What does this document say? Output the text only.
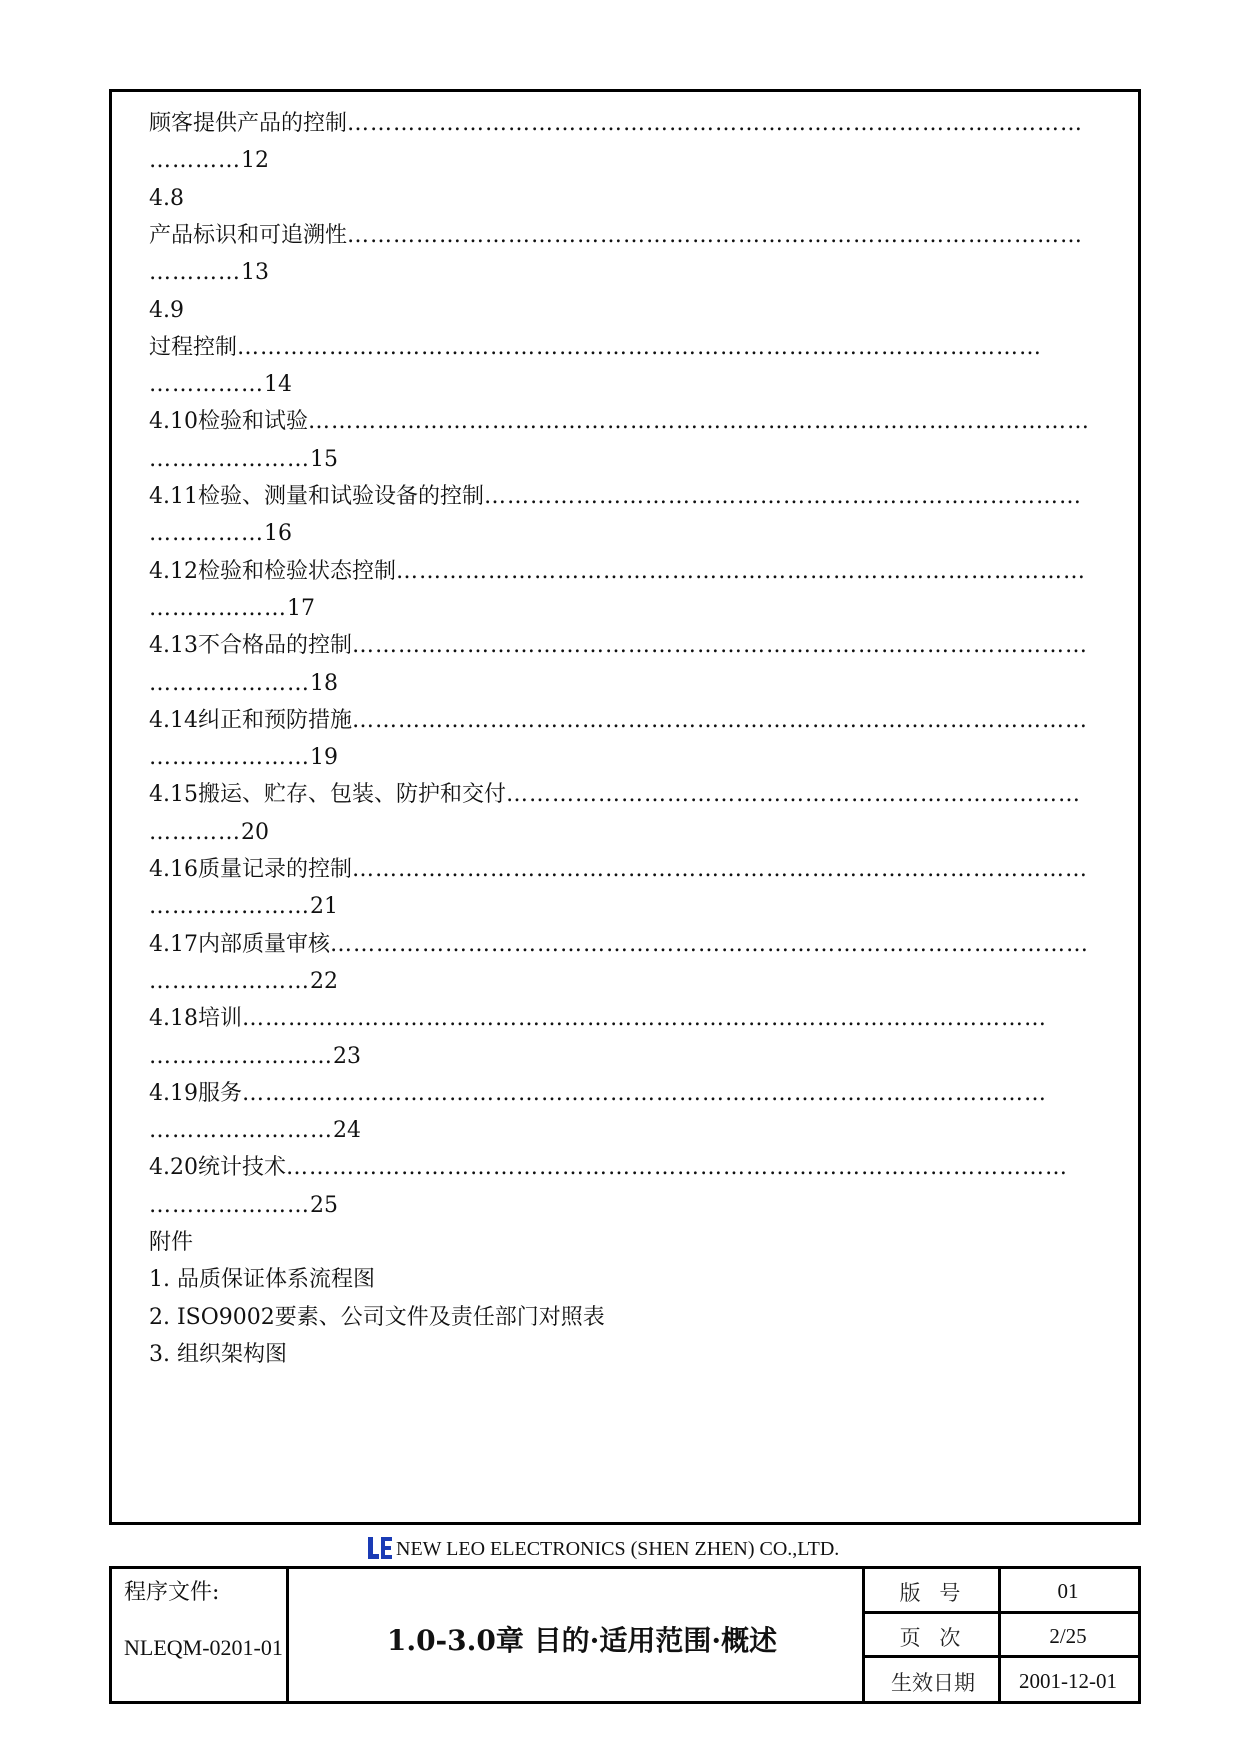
顾客提供产品的控制……………………………………………………………………………………
…………12
4.8
产品标识和可追溯性……………………………………………………………………………………
…………13
4.9
过程控制……………………………………………………………………………………………
……………14
4.10检验和试验…………………………………………………………………………………………
…………………15
4.11检验、测量和试验设备的控制……………………………………………………………………
……………16
4.12检验和检验状态控制………………………………………………………………………………
………………17
4.13不合格品的控制……………………………………………………………………………………
…………………18
4.14纠正和预防措施……………………………………………………………………………………
…………………19
4.15搬运、贮存、包装、防护和交付…………………………………………………………………
…………20
4.16质量记录的控制……………………………………………………………………………………
…………………21
4.17内部质量审核………………………………………………………………………………………
…………………22
4.18培训……………………………………………………………………………………………
……………………23
4.19服务……………………………………………………………………………………………
……………………24
4.20统计技术…………………………………………………………………………………………
…………………25
附件
1. 品质保证体系流程图
2. ISO9002要素、公司文件及责任部门对照表
3. 组织架构图
NEW LEO ELECTRONICS (SHEN ZHEN) CO.,LTD.
程序文件:
NLEQM-0201-01	1.0-3.0章 目的·适用范围·概述
版 号	01
页 次	2/25
生效日期	2001-12-01
